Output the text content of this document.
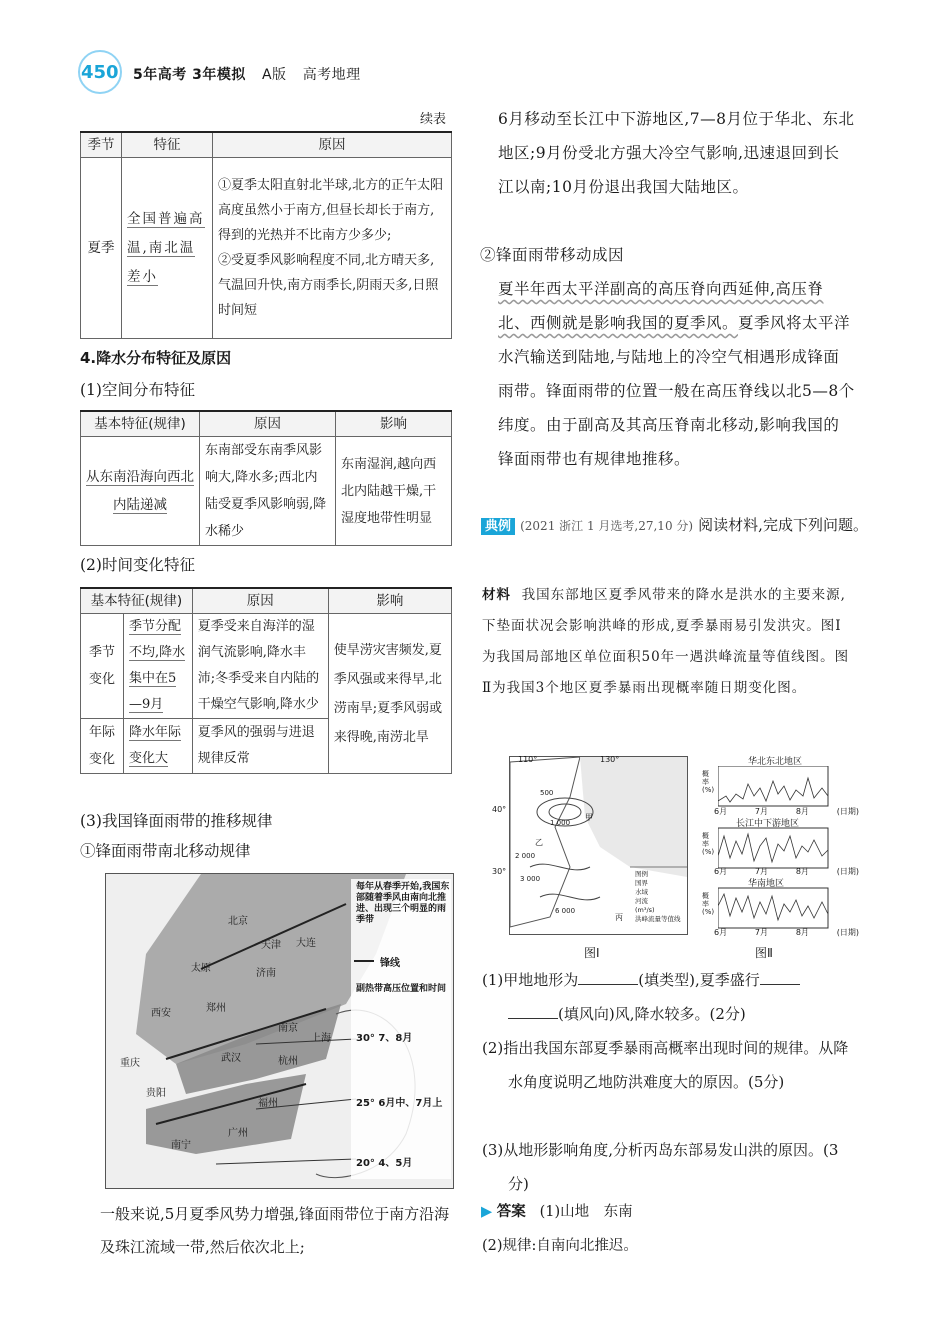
450 5年高考 3年模拟 A版 高考地理
续表
季节	特征	原因
夏季	全国普遍高温,南北温差小	①夏季太阳直射北半球,北方的正午太阳高度虽然小于南方,但昼长却长于南方,得到的光热并不比南方少多少;
②受夏季风影响程度不同,北方晴天多,气温回升快,南方雨季长,阴雨天多,日照时间短
4.降水分布特征及原因
(1)空间分布特征
基本特征(规律)	原因	影响
从东南沿海向西北内陆递减	东南部受东南季风影响大,降水多;西北内陆受夏季风影响弱,降水稀少	东南湿润,越向西北内陆越干燥,干湿度地带性明显
(2)时间变化特征
基本特征(规律)		原因	影响
季节变化	季节分配不均,降水集中在5—9月	夏季受来自海洋的湿润气流影响,降水丰沛;冬季受来自内陆的干燥空气影响,降水少	使旱涝灾害频发,夏季风强或来得早,北涝南旱;夏季风弱或来得晚,南涝北旱
年际变化	降水年际变化大	夏季风的强弱与进退规律反常	
(3)我国锋面雨带的推移规律
①锋面雨带南北移动规律
每年从春季开始,我国东部随着季风由南向北推进、出现三个明显的雨季带
锋线
副热带高压位置和时间
30° 7、8月
25° 6月中、7月上
20° 4、5月
北京
天津 大连
太原	济南
西安	郑州
南京
上海
武汉	杭州
重庆
贵阳
福州
南宁
广州
一般来说,5月夏季风势力增强,锋面雨带位于南方沿海及珠江流域一带,然后依次北上;
6月移动至长江中下游地区,7—8月位于华北、东北地区;9月份受北方强大冷空气影响,迅速退回到长江以南;10月份退出我国大陆地区。
②锋面雨带移动成因
夏半年西太平洋副高的高压脊向西延伸,高压脊北、西侧就是影响我国的夏季风。夏季风将太平洋水汽输送到陆地,与陆地上的冷空气相遇形成锋面雨带。锋面雨带的位置一般在高压脊线以北5—8个纬度。由于副高及其高压脊南北移动,影响我国的锋面雨带也有规律地推移。
典例 (2021 浙江 1 月选考,27,10 分) 阅读材料,完成下列问题。
材料 我国东部地区夏季风带来的降水是洪水的主要来源,下垫面状况会影响洪峰的形成,夏季暴雨易引发洪灾。图Ⅰ为我国局部地区单位面积50年一遇洪峰流量等值线图。图Ⅱ为我国3个地区夏季暴雨出现概率随日期变化图。
110°	130°
40°
30°
500
1 000
2 000
3 000
6 000
甲
乙
丙
图例
国界
水域
河流
(m³/s)
洪峰流量等值线
图Ⅰ
华北东北地区
长江中下游地区
华南地区
概率(%)
概率(%)
概率(%)
6月	7月	8月	(日期)
6月	7月	8月	(日期)
6月	7月	8月	(日期)
图Ⅱ
(1)甲地地形为	(填类型),夏季盛行
(填风向)风,降水较多。(2分)
(2)指出我国东部夏季暴雨高概率出现时间的规律。从降水角度说明乙地防洪难度大的原因。(5分)
(3)从地形影响角度,分析丙岛东部易发山洪的原因。(3分)
▶ 答案 (1)山地　东南
(2)规律:自南向北推迟。
